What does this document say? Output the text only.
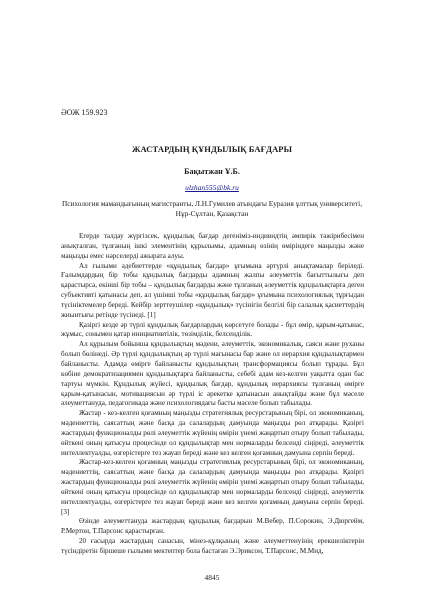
ӘОЖ 159.923
ЖАСТАРДЫҢ ҚҰНДЫЛЫҚ БАҒДАРЫ
Бақытжан Ұ.Б.
ulzhan555@bk.ru
Психология мамандығының магистранты, Л.Н.Гумилев атындағы Еуразия ұлттық университеті, Нұр-Сұлтан, Қазақстан

Егерде талдау жүргізсек, құндылық бағдар дегеніміз-индивидтің әмпирік тәжірибесімен анықталған, тұлғаның ішкі элементінің құрылымы, адамның өзінің өміріндеге маңызды және маңызды емес нәрселерді ажырата алуы.

Ал ғылыми әдебиеттерде «құндылық бағдар» ұғымына әртүрлі анықтамалар беріледі. Ғалымдардың бір тобы құндылық бағдарды адамның жалпы әлеуметтік бағыттылығы деп қарастырса, екінші бір тобы – құндылық бағдарды және тұлғаның әлеуметтік құндылықтарға деген субъективті қатынасы деп, ал үшінші тобы «құндылық бағдар» ұғымына психологиялық тұрғыдан түсініктемелер береді. Кейбір зерттеушілер «құндылық» түсінігін белгілі бір салалық қасиеттердің жиынтығы ретінде түсінеді. [1]

Қазіргі кезде әр түрлі құндылық бағдарлардың көрсетуге болады - бұл өмір, қарым-қатынас, жұмыс, сонымен қатар инициативтілік, төзімділік, белсенділік.

Ал құрылым бойынша құндылықтың мәдени, әлеуметтік, экономикалық, саяси және руханы болып бөлінеді. Әр түрлі құндылықтың әр түрлі мағынасы бар және ол иерархия құндылықтармен байланысты. Адамда өмірге байланысты құндылықтың трансформациясы болып тұрады. Бұл көбіне демократизациямен құндылықтарға байланысты, себебі адам кез-келген уақытта одан бас тартуы мүмкін. Құндылық жүйесі, құндылық бағдар, құндылық иерархиясы тұлғаның өміргe қарым-қатынасын, мотивациясын әр түрлі іс әрекетке қатынасын анықтайды және бұл мәселе әлеуметтануда, педагогикада және психологиядағы басты мәселе болып табылады.

Жастар - кез-келген қоғамның маңызды стратегиялық ресурстарының бірі, ол экономиканың, мәдениеттің, саясаттың және басқа да салалардың дамуында маңызды рөл атқарады. Қазіргі жастардың функционалды рөлі әлеуметтік жүйенің өмірін үнемі жаңартып отыру болып табылады, өйткені оның қатысуы процесінде ол құндылықтар мен нормаларды белсенді сіңіреді, әлеуметтік интеллектуалды, өзгерістерге тез жауап береді және кез келген қоғамның дамуына серпін береді.

Жастар-кез-келген қоғамның маңызды стратегиялық ресурстарының бірі, ол экономиканың, мәдениеттің, саясаттың және басқа да салалардың дамуында маңызды рөл атқарады. Қазіргі жастардың функционалды рөлі әлеуметтік жүйенің өмірін үнемі жаңартып отыру болып табылады, өйткені оның қатысуы процесінде ол құндылықтар мен нормаларды белсенді сіңіреді, әлеуметтік интеллектуалды, өзгерістерге тез жауап береді және кез келген қоғамның дамуына серпін береді. [3]

Өзінде әлеуметтануда жастардың құндылық бағдарын М.Вебер, П.Сорокин, Э.Дюргейм, Р.Мертон, Т.Парсонс қарастырған.

20 ғасырда жастардың санасын, мінез-құлқының және әлеуметтенуінің ерекшеліктерін түсіндіретін біршеше ғылыми мектептер бола бастаған Э.Эриксон, Т.Парсонс, М.Мид,

4845
